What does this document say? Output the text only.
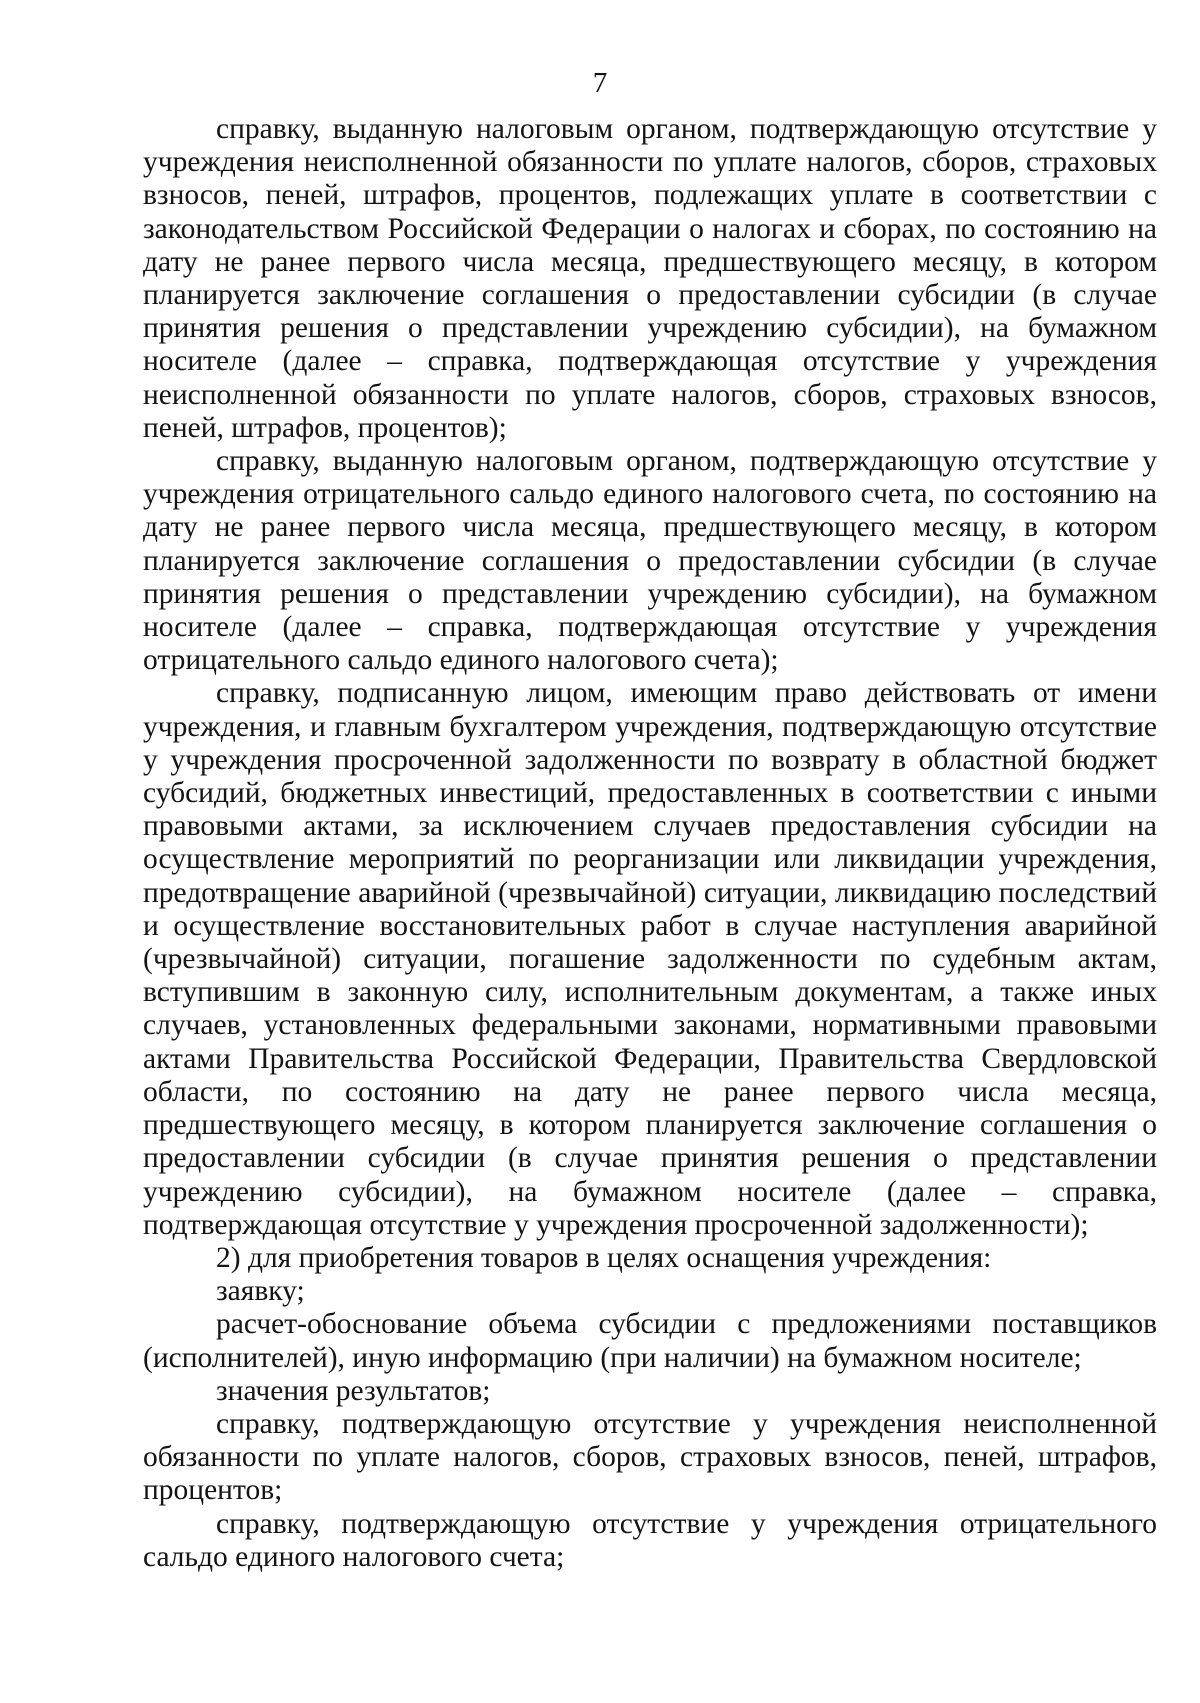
7

справку, выданную налоговым органом, подтверждающую отсутствие у учреждения неисполненной обязанности по уплате налогов, сборов, страховых взносов, пеней, штрафов, процентов, подлежащих уплате в соответствии с законодательством Российской Федерации о налогах и сборах, по состоянию на дату не ранее первого числа месяца, предшествующего месяцу, в котором планируется заключение соглашения о предоставлении субсидии (в случае принятия решения о представлении учреждению субсидии), на бумажном носителе (далее – справка, подтверждающая отсутствие у учреждения неисполненной обязанности по уплате налогов, сборов, страховых взносов, пеней, штрафов, процентов);

справку, выданную налоговым органом, подтверждающую отсутствие у учреждения отрицательного сальдо единого налогового счета, по состоянию на дату не ранее первого числа месяца, предшествующего месяцу, в котором планируется заключение соглашения о предоставлении субсидии (в случае принятия решения о представлении учреждению субсидии), на бумажном носителе (далее – справка, подтверждающая отсутствие у учреждения отрицательного сальдо единого налогового счета);

справку, подписанную лицом, имеющим право действовать от имени учреждения, и главным бухгалтером учреждения, подтверждающую отсутствие у учреждения просроченной задолженности по возврату в областной бюджет субсидий, бюджетных инвестиций, предоставленных в соответствии с иными правовыми актами, за исключением случаев предоставления субсидии на осуществление мероприятий по реорганизации или ликвидации учреждения, предотвращение аварийной (чрезвычайной) ситуации, ликвидацию последствий и осуществление восстановительных работ в случае наступления аварийной (чрезвычайной) ситуации, погашение задолженности по судебным актам, вступившим в законную силу, исполнительным документам, а также иных случаев, установленных федеральными законами, нормативными правовыми актами Правительства Российской Федерации, Правительства Свердловской области, по состоянию на дату не ранее первого числа месяца, предшествующего месяцу, в котором планируется заключение соглашения о предоставлении субсидии (в случае принятия решения о представлении учреждению субсидии), на бумажном носителе (далее – справка, подтверждающая отсутствие у учреждения просроченной задолженности);

2) для приобретения товаров в целях оснащения учреждения:

заявку;

расчет-обоснование объема субсидии с предложениями поставщиков (исполнителей), иную информацию (при наличии) на бумажном носителе;

значения результатов;

справку, подтверждающую отсутствие у учреждения неисполненной обязанности по уплате налогов, сборов, страховых взносов, пеней, штрафов, процентов;

справку, подтверждающую отсутствие у учреждения отрицательного сальдо единого налогового счета;
